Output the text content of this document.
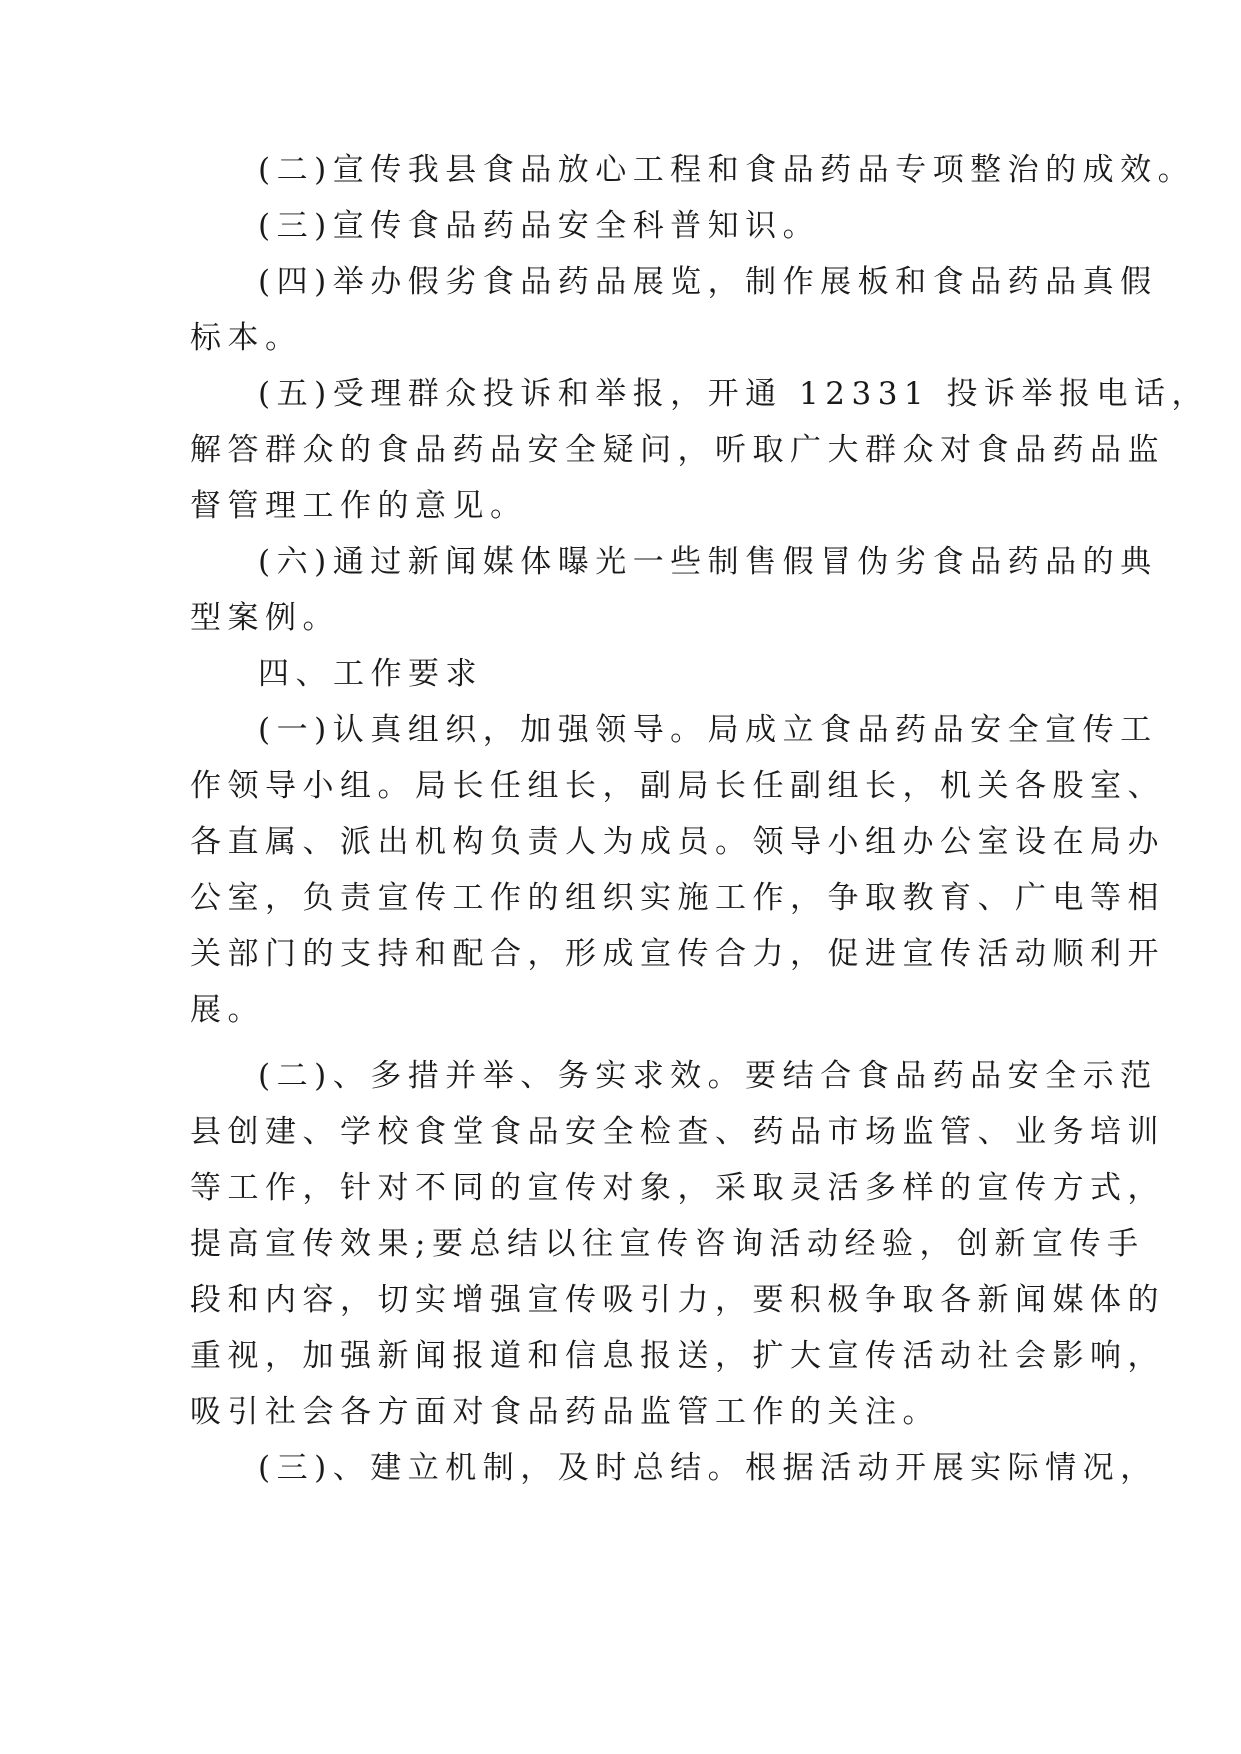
(二)宣传我县食品放心工程和食品药品专项整治的成效。
(三)宣传食品药品安全科普知识。
(四)举办假劣食品药品展览，制作展板和食品药品真假
标本。
(五)受理群众投诉和举报，开通 12331 投诉举报电话，
解答群众的食品药品安全疑问，听取广大群众对食品药品监
督管理工作的意见。
(六)通过新闻媒体曝光一些制售假冒伪劣食品药品的典
型案例。
四、工作要求
(一)认真组织，加强领导。局成立食品药品安全宣传工
作领导小组。局长任组长，副局长任副组长，机关各股室、
各直属、派出机构负责人为成员。领导小组办公室设在局办
公室，负责宣传工作的组织实施工作，争取教育、广电等相
关部门的支持和配合，形成宣传合力，促进宣传活动顺利开
展。
(二)、多措并举、务实求效。要结合食品药品安全示范
县创建、学校食堂食品安全检查、药品市场监管、业务培训
等工作，针对不同的宣传对象，采取灵活多样的宣传方式，
提高宣传效果;要总结以往宣传咨询活动经验，创新宣传手
段和内容，切实增强宣传吸引力，要积极争取各新闻媒体的
重视，加强新闻报道和信息报送，扩大宣传活动社会影响，
吸引社会各方面对食品药品监管工作的关注。
(三)、建立机制，及时总结。根据活动开展实际情况，
